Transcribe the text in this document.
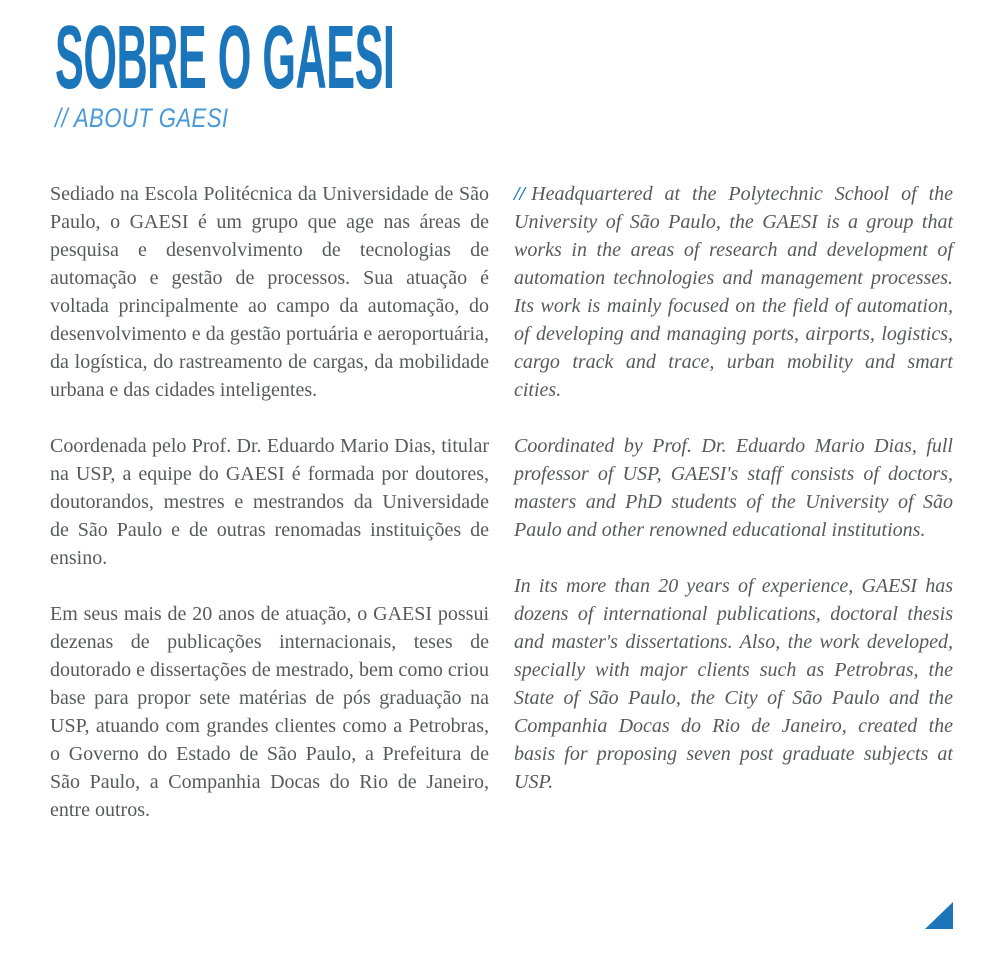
SOBRE O GAESI
// ABOUT GAESI

Sediado na Escola Politécnica da Universidade de São Paulo, o GAESI é um grupo que age nas áreas de pesquisa e desenvolvimento de tecnologias de automação e gestão de processos. Sua atuação é voltada principalmente ao campo da automação, do desenvolvimento e da gestão portuária e aeroportuária, da logística, do rastreamento de cargas, da mobilidade urbana e das cidades inteligentes.

Coordenada pelo Prof. Dr. Eduardo Mario Dias, titular na USP, a equipe do GAESI é formada por doutores, doutorandos, mestres e mestrandos da Universidade de São Paulo e de outras renomadas instituições de ensino.

Em seus mais de 20 anos de atuação, o GAESI possui dezenas de publicações internacionais, teses de doutorado e dissertações de mestrado, bem como criou base para propor sete matérias de pós graduação na USP, atuando com grandes clientes como a Petrobras, o Governo do Estado de São Paulo, a Prefeitura de São Paulo, a Companhia Docas do Rio de Janeiro, entre outros.

// Headquartered at the Polytechnic School of the University of São Paulo, the GAESI is a group that works in the areas of research and development of automation technologies and management processes. Its work is mainly focused on the field of automation, of developing and managing ports, airports, logistics, cargo track and trace, urban mobility and smart cities.

Coordinated by Prof. Dr. Eduardo Mario Dias, full professor of USP, GAESI's staff consists of doctors, masters and PhD students of the University of São Paulo and other renowned educational institutions.

In its more than 20 years of experience, GAESI has dozens of international publications, doctoral thesis and master's dissertations. Also, the work developed, specially with major clients such as Petrobras, the State of São Paulo, the City of São Paulo and the Companhia Docas do Rio de Janeiro, created the basis for proposing seven post graduate subjects at USP.
